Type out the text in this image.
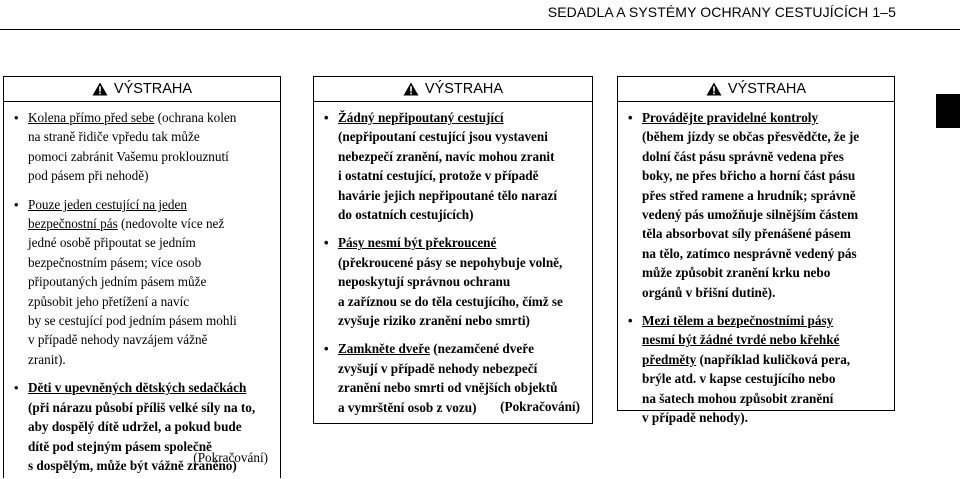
SEDADLA A SYSTÉMY OCHRANY CESTUJÍCÍCH 1–5
VÝSTRAHA
• Kolena přímo před sebe (ochrana kolen
na straně řidiče vpředu tak může
pomoci zabránit Vašemu proklouznutí
pod pásem při nehodě)
• Pouze jeden cestující na jeden
bezpečnostní pás (nedovolte více než
jedné osobě připoutat se jedním
bezpečnostním pásem; více osob
připoutaných jedním pásem může
způsobit jeho přetížení a navíc
by se cestující pod jedním pásem mohli
v případě nehody navzájem vážně
zranit).
• Děti v upevněných dětských sedačkách
(při nárazu působí příliš velké síly na to,
aby dospělý dítě udržel, a pokud bude
dítě pod stejným pásem společně
s dospělým, může být vážně zraněno)
(Pokračování)
VÝSTRAHA
• Žádný nepřipoutaný cestující
(nepřipoutaní cestující jsou vystaveni
nebezpečí zranění, navíc mohou zranit
i ostatní cestující, protože v případě
havárie jejich nepřipoutané tělo narazí
do ostatních cestujících)
• Pásy nesmí být překroucené
(překroucené pásy se nepohybuje volně,
neposkytují správnou ochranu
a zaříznou se do těla cestujícího, čímž se
zvyšuje riziko zranění nebo smrti)
• Zamkněte dveře (nezamčené dveře
zvyšují v případě nehody nebezpečí
zranění nebo smrti od vnějších objektů
a vymrštění osob z vozu)	(Pokračování)
VÝSTRAHA
• Provádějte pravidelné kontroly
(během jízdy se občas přesvědčte, že je
dolní část pásu správně vedena přes
boky, ne přes břicho a horní část pásu
přes střed ramene a hrudník; správně
vedený pás umožňuje silnějším částem
těla absorbovat síly přenášené pásem
na tělo, zatímco nesprávně vedený pás
může způsobit zranění krku nebo
orgánů v břišní dutině).
• Mezi tělem a bezpečnostními pásy
nesmí být žádné tvrdé nebo křehké
předměty (například kuličková pera,
brýle atd. v kapse cestujícího nebo
na šatech mohou způsobit zranění
v případě nehody).
